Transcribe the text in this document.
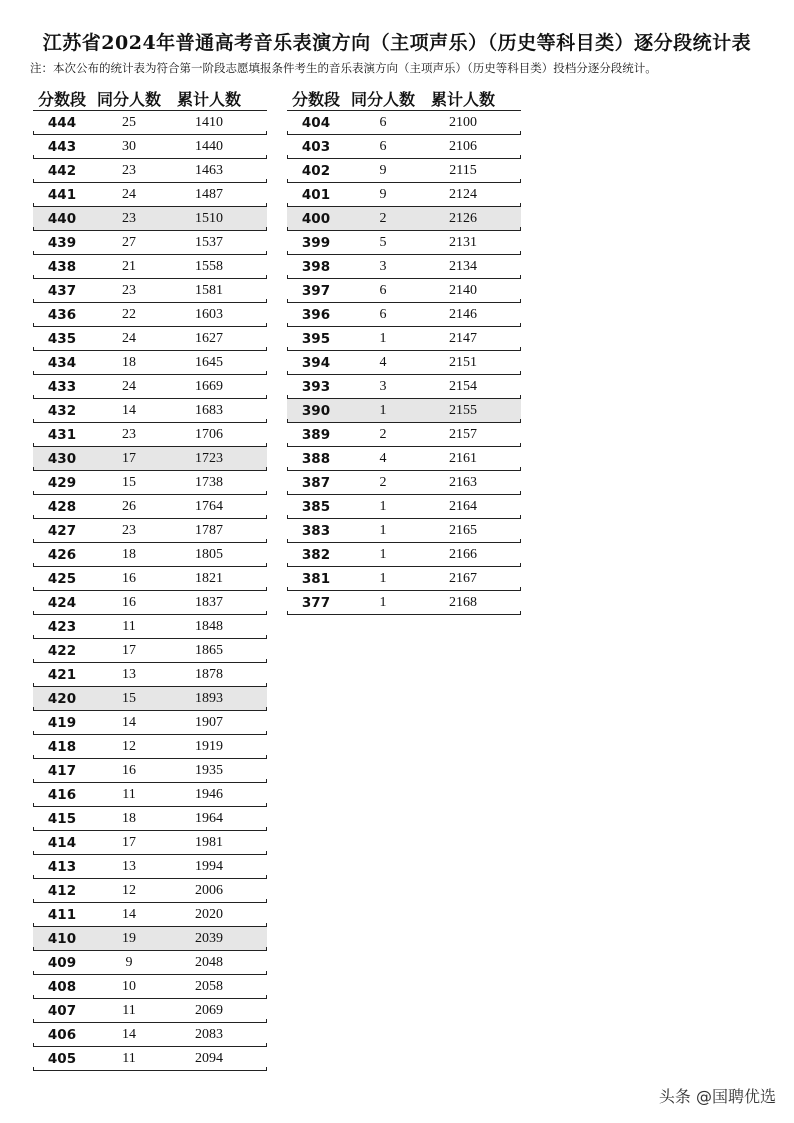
江苏省2024年普通高考音乐表演方向（主项声乐）（历史等科目类）逐分段统计表
注：本次公布的统计表为符合第一阶段志愿填报条件考生的音乐表演方向（主项声乐）（历史等科目类）投档分逐分段统计。
分数段 同分人数 累计人数
444	25	1410
443	30	1440
442	23	1463
441	24	1487
440	23	1510
439	27	1537
438	21	1558
437	23	1581
436	22	1603
435	24	1627
434	18	1645
433	24	1669
432	14	1683
431	23	1706
430	17	1723
429	15	1738
428	26	1764
427	23	1787
426	18	1805
425	16	1821
424	16	1837
423	11	1848
422	17	1865
421	13	1878
420	15	1893
419	14	1907
418	12	1919
417	16	1935
416	11	1946
415	18	1964
414	17	1981
413	13	1994
412	12	2006
411	14	2020
410	19	2039
409	9	2048
408	10	2058
407	11	2069
406	14	2083
405	11	2094
分数段 同分人数 累计人数
404	6	2100
403	6	2106
402	9	2115
401	9	2124
400	2	2126
399	5	2131
398	3	2134
397	6	2140
396	6	2146
395	1	2147
394	4	2151
393	3	2154
390	1	2155
389	2	2157
388	4	2161
387	2	2163
385	1	2164
383	1	2165
382	1	2166
381	1	2167
377	1	2168
头条 @国聘优选
